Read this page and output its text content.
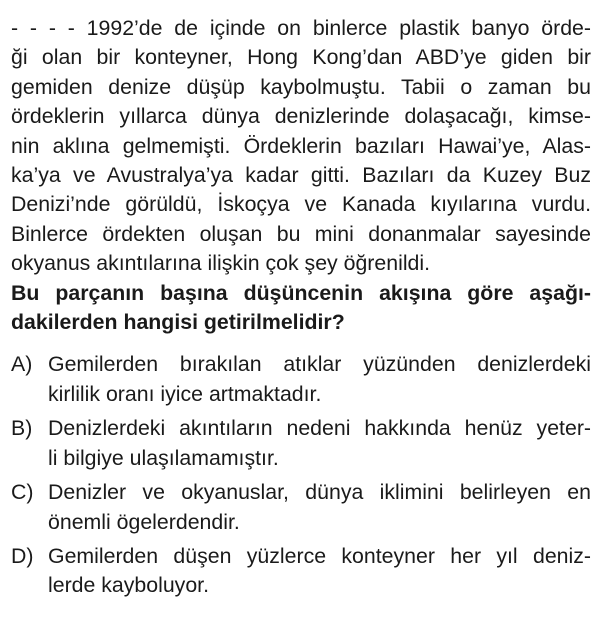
- - - - 1992’de de içinde on binlerce plastik banyo örde-
ği olan bir konteyner, Hong Kong’dan ABD’ye giden bir
gemiden denize düşüp kaybolmuştu. Tabii o zaman bu
ördeklerin yıllarca dünya denizlerinde dolaşacağı, kimse-
nin aklına gelmemişti. Ördeklerin bazıları Hawai’ye, Alas-
ka’ya ve Avustralya’ya kadar gitti. Bazıları da Kuzey Buz
Denizi’nde görüldü, İskoçya ve Kanada kıyılarına vurdu.
Binlerce ördekten oluşan bu mini donanmalar sayesinde
okyanus akıntılarına ilişkin çok şey öğrenildi.
Bu parçanın başına düşüncenin akışına göre aşağı-
dakilerden hangisi getirilmelidir?
A) Gemilerden bırakılan atıklar yüzünden denizlerdeki
kirlilik oranı iyice artmaktadır.
B) Denizlerdeki akıntıların nedeni hakkında henüz yeter-
li bilgiye ulaşılamamıştır.
C) Denizler ve okyanuslar, dünya iklimini belirleyen en
önemli ögelerdendir.
D) Gemilerden düşen yüzlerce konteyner her yıl deniz-
lerde kayboluyor.
